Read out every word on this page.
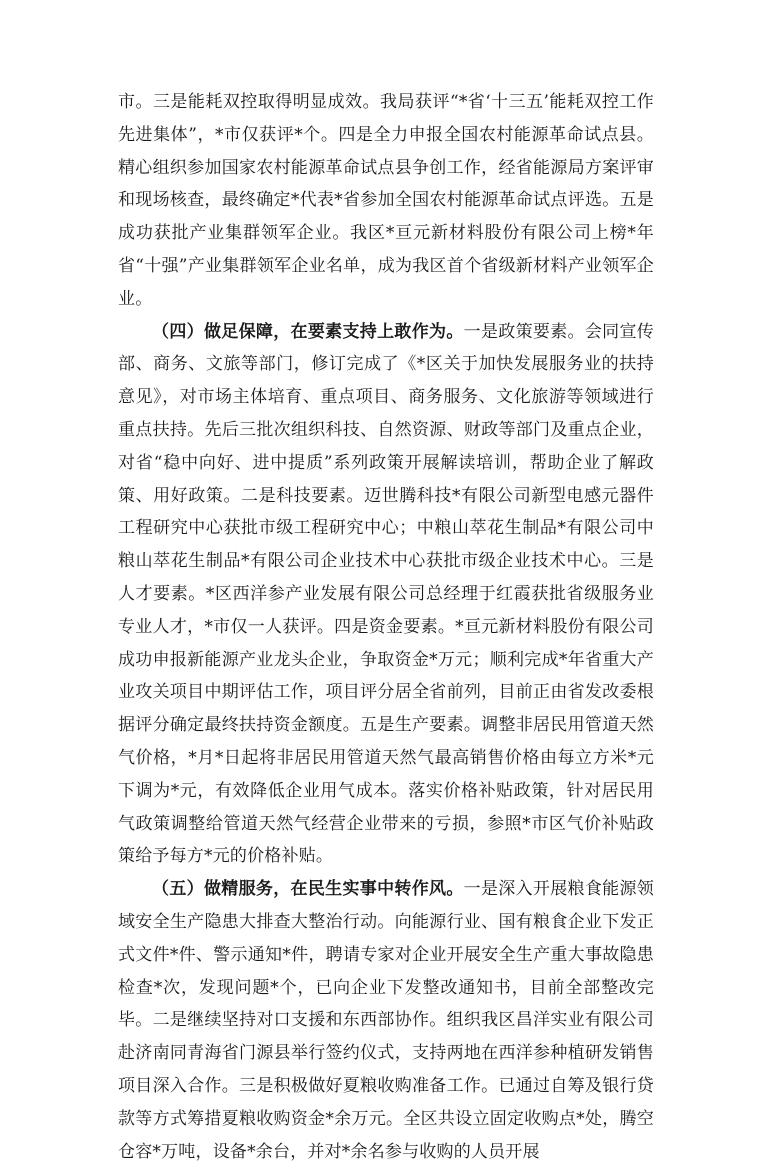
市。三是能耗双控取得明显成效。我局获评“*省‘十三五’能耗双控工作先进集体”，*市仅获评*个。四是全力申报全国农村能源革命试点县。精心组织参加国家农村能源革命试点县争创工作，经省能源局方案评审和现场核查，最终确定*代表*省参加全国农村能源革命试点评选。五是成功获批产业集群领军企业。我区*亘元新材料股份有限公司上榜*年省“十强”产业集群领军企业名单，成为我区首个省级新材料产业领军企业。

（四）做足保障，在要素支持上敢作为。一是政策要素。会同宣传部、商务、文旅等部门，修订完成了《*区关于加快发展服务业的扶持意见》，对市场主体培育、重点项目、商务服务、文化旅游等领域进行重点扶持。先后三批次组织科技、自然资源、财政等部门及重点企业，对省“稳中向好、进中提质”系列政策开展解读培训，帮助企业了解政策、用好政策。二是科技要素。迈世腾科技*有限公司新型电感元器件工程研究中心获批市级工程研究中心；中粮山萃花生制品*有限公司中粮山萃花生制品*有限公司企业技术中心获批市级企业技术中心。三是人才要素。*区西洋参产业发展有限公司总经理于红霞获批省级服务业专业人才，*市仅一人获评。四是资金要素。*亘元新材料股份有限公司成功申报新能源产业龙头企业，争取资金*万元；顺利完成*年省重大产业攻关项目中期评估工作，项目评分居全省前列，目前正由省发改委根据评分确定最终扶持资金额度。五是生产要素。调整非居民用管道天然气价格，*月*日起将非居民用管道天然气最高销售价格由每立方米*元下调为*元，有效降低企业用气成本。落实价格补贴政策，针对居民用气政策调整给管道天然气经营企业带来的亏损，参照*市区气价补贴政策给予每方*元的价格补贴。

（五）做精服务，在民生实事中转作风。一是深入开展粮食能源领域安全生产隐患大排查大整治行动。向能源行业、国有粮食企业下发正式文件*件、警示通知*件，聘请专家对企业开展安全生产重大事故隐患检查*次，发现问题*个，已向企业下发整改通知书，目前全部整改完毕。二是继续坚持对口支援和东西部协作。组织我区昌洋实业有限公司赴济南同青海省门源县举行签约仪式，支持两地在西洋参种植研发销售项目深入合作。三是积极做好夏粮收购准备工作。已通过自筹及银行贷款等方式筹措夏粮收购资金*余万元。全区共设立固定收购点*处，腾空仓容*万吨，设备*余台，并对*余名参与收购的人员开展
